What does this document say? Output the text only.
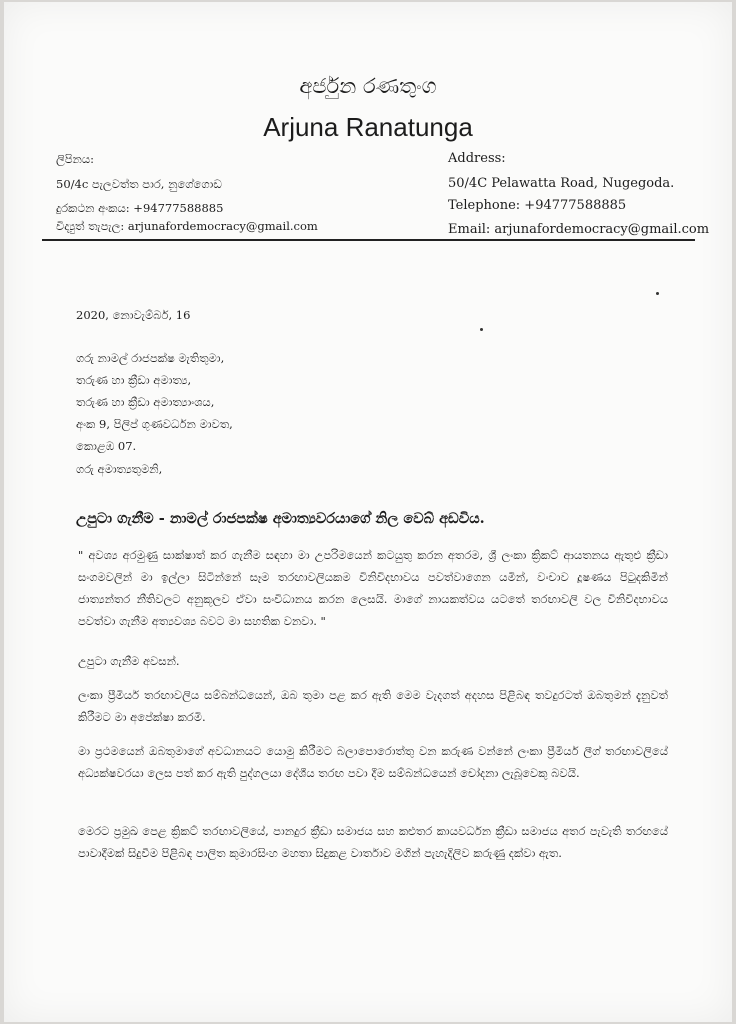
අර්ජුන රණතුංග
Arjuna Ranatunga
ලිපිනය:
50/4c පැලවත්ත පාර, නුගේගොඩ
දුරකථන අංකය: +94777588885
විද්‍යුත් තැපැල: arjunafordemocracy@gmail.com
Address:
50/4C Pelawatta Road, Nugegoda.
Telephone: +94777588885
Email: arjunafordemocracy@gmail.com
2020, නොවැම්බර්, 16
ගරු නාමල් රාජපක්ෂ මැතිතුමා,
තරුණ හා ක්‍රීඩා අමාත්‍ය,
තරුණ හා ක්‍රීඩා අමාත්‍යාංශය,
අංක 9, පිලිප් ගුණවර්ධන මාවත,
කොළඹ 07.
ගරු අමාත්‍යතුමනි,
උපුටා ගැනීම - නාමල් රාජපක්ෂ අමාත්‍යවරයාගේ නිල වෙබ් අඩවිය.
" අවශ්‍ය අරමුණු සාක්ෂාත් කර ගැනීම සඳහා මා උපරිමයෙන් කටයුතු කරන අතරම, ශ්‍රී ලංකා ක්‍රිකට් ආයතනය ඇතුළු ක්‍රීඩා සංගමවලින් මා ඉල්ලා සිටින්නේ සෑම තරඟාවලියකම විනිවිදභාවය පවත්වාගෙන යමින්, වංචාව දූෂණය පිටුදකිමින් ජාත්‍යන්තර නීතිවලට අනුකූලව ඒවා සංවිධානය කරන ලෙසයි. මාගේ නායකත්වය යටතේ තරඟාවලි වල විනිවිදභාවය පවත්වා ගැනීම අත්‍යවශ්‍ය බවට මා සහතික වනවා. "
උපුටා ගැනීම අවසන්.
ලංකා ප්‍රීමියර් තරඟාවලිය සම්බන්ධයෙන්, ඔබ තුමා පළ කර ඇති මෙම වැදගත් අදහස පිළිබඳ තවදුරටත් ඔබතුමන් දැනුවත් කිරීමට මා අපේක්ෂා කරමි.
මා ප්‍රථමයෙන් ඔබතුමාගේ අවධානයට යොමු කිරීමට බලාපොරොත්තු වන කරුණ වන්නේ ලංකා ප්‍රීමියර් ලීග් තරඟාවලියේ අධ්‍යක්ෂවරයා ලෙස පත් කර ඇති පුද්ගලයා දේශීය තරඟ පවා දීම සම්බන්ධයෙන් චෝදනා ලැබූවෙකු බවයි.
මෙරට ප්‍රමුඛ පෙළ ක්‍රිකට් තරඟාවලියේ, පානදුර ක්‍රීඩා සමාජය සහ කළුතර කායවර්ධන ක්‍රීඩා සමාජය අතර පැවැති තරඟයේ පාවාදීමක් සිදුවීම පිළිබඳ පාලිත කුමාරසිංහ මහතා සිදුකළ වාර්තාව මගින් පැහැදිලිව කරුණු දක්වා ඇත.
